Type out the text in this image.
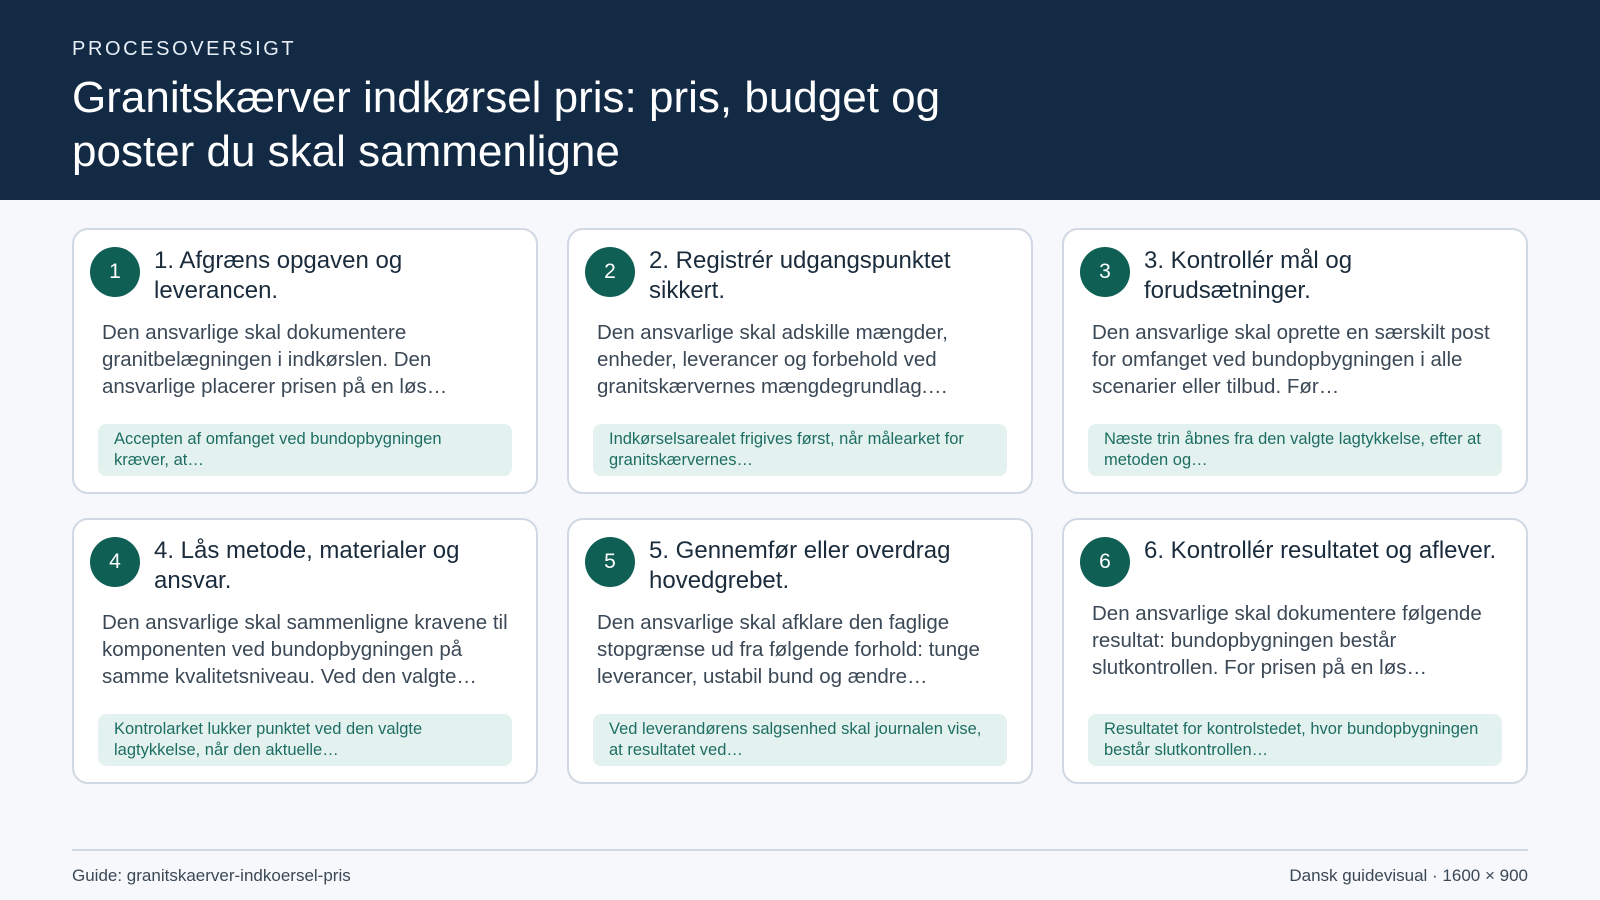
PROCESOVERSIGT
Granitskærver indkørsel pris: pris, budget og poster du skal sammenligne
1	1. Afgræns opgaven og leverancen.
Den ansvarlige skal dokumentere granitbelægningen i indkørslen. Den ansvarlige placerer prisen på en løs…
Accepten af omfanget ved bundopbygningen kræver, at…
2	2. Registrér udgangspunktet sikkert.
Den ansvarlige skal adskille mængder, enheder, leverancer og forbehold ved granitskærvernes mængdegrundlag.…
Indkørselsarealet frigives først, når målearket for granitskærvernes…
3	3. Kontrollér mål og forudsætninger.
Den ansvarlige skal oprette en særskilt post for omfanget ved bundopbygningen i alle scenarier eller tilbud. Før…
Næste trin åbnes fra den valgte lagtykkelse, efter at metoden og…
4	4. Lås metode, materialer og ansvar.
Den ansvarlige skal sammenligne kravene til komponenten ved bundopbygningen på samme kvalitetsniveau. Ved den valgte…
Kontrolarket lukker punktet ved den valgte lagtykkelse, når den aktuelle…
5	5. Gennemfør eller overdrag hovedgrebet.
Den ansvarlige skal afklare den faglige stopgrænse ud fra følgende forhold: tunge leverancer, ustabil bund og ændre…
Ved leverandørens salgsenhed skal journalen vise, at resultatet ved…
6	6. Kontrollér resultatet og aflever.
Den ansvarlige skal dokumentere følgende resultat: bundopbygningen består slutkontrollen. For prisen på en løs…
Resultatet for kontrolstedet, hvor bundopbygningen består slutkontrollen…
Guide: granitskaerver-indkoersel-pris	Dansk guidevisual · 1600 × 900
